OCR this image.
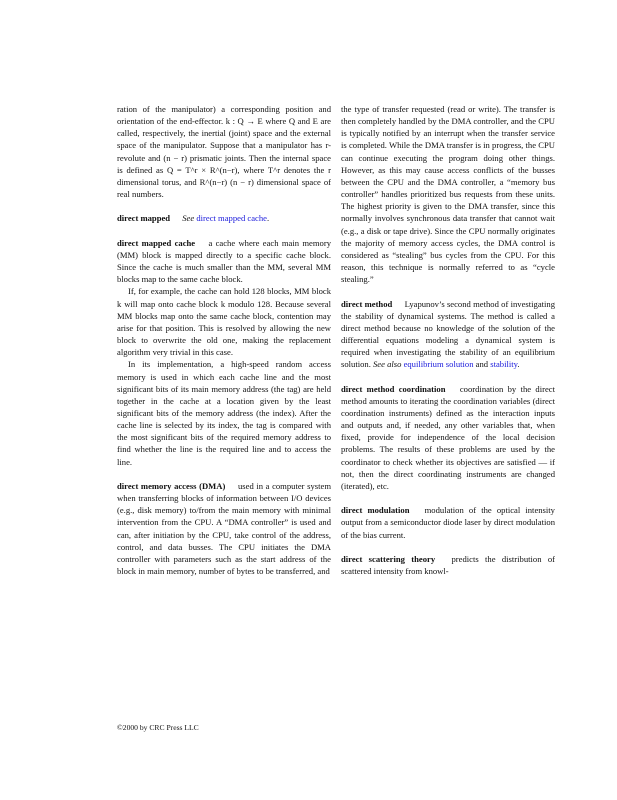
ration of the manipulator) a corresponding position and orientation of the end-effector. k : Q → E where Q and E are called, respectively, the inertial (joint) space and the external space of the manipulator. Suppose that a manipulator has r-revolute and (n − r) prismatic joints. Then the internal space is defined as Q = T^r × R^(n−r), where T^r denotes the r dimensional torus, and R^(n−r) (n − r) dimensional space of real numbers.

direct mapped See direct mapped cache.

direct mapped cache a cache where each main memory (MM) block is mapped directly to a specific cache block. Since the cache is much smaller than the MM, several MM blocks map to the same cache block.

If, for example, the cache can hold 128 blocks, MM block k will map onto cache block k modulo 128. Because several MM blocks map onto the same cache block, contention may arise for that position. This is resolved by allowing the new block to overwrite the old one, making the replacement algorithm very trivial in this case.

In its implementation, a high-speed random access memory is used in which each cache line and the most significant bits of its main memory address (the tag) are held together in the cache at a location given by the least significant bits of the memory address (the index). After the cache line is selected by its index, the tag is compared with the most significant bits of the required memory address to find whether the line is the required line and to access the line.

direct memory access (DMA) used in a computer system when transferring blocks of information between I/O devices (e.g., disk memory) to/from the main memory with minimal intervention from the CPU. A “DMA controller” is used and can, after initiation by the CPU, take control of the address, control, and data busses. The CPU initiates the DMA controller with parameters such as the start address of the block in main memory, number of bytes to be transferred, and

the type of transfer requested (read or write). The transfer is then completely handled by the DMA controller, and the CPU is typically notified by an interrupt when the transfer service is completed. While the DMA transfer is in progress, the CPU can continue executing the program doing other things. However, as this may cause access conflicts of the busses between the CPU and the DMA controller, a “memory bus controller” handles prioritized bus requests from these units. The highest priority is given to the DMA transfer, since this normally involves synchronous data transfer that cannot wait (e.g., a disk or tape drive). Since the CPU normally originates the majority of memory access cycles, the DMA control is considered as “stealing” bus cycles from the CPU. For this reason, this technique is normally referred to as “cycle stealing.”

direct method Lyapunov’s second method of investigating the stability of dynamical systems. The method is called a direct method because no knowledge of the solution of the differential equations modeling a dynamical system is required when investigating the stability of an equilibrium solution. See also equilibrium solution and stability.

direct method coordination coordination by the direct method amounts to iterating the coordination variables (direct coordination instruments) defined as the interaction inputs and outputs and, if needed, any other variables that, when fixed, provide for independence of the local decision problems. The results of these problems are used by the coordinator to check whether its objectives are satisfied — if not, then the direct coordinating instruments are changed (iterated), etc.

direct modulation modulation of the optical intensity output from a semiconductor diode laser by direct modulation of the bias current.

direct scattering theory predicts the distribution of scattered intensity from knowl-

©2000 by CRC Press LLC
